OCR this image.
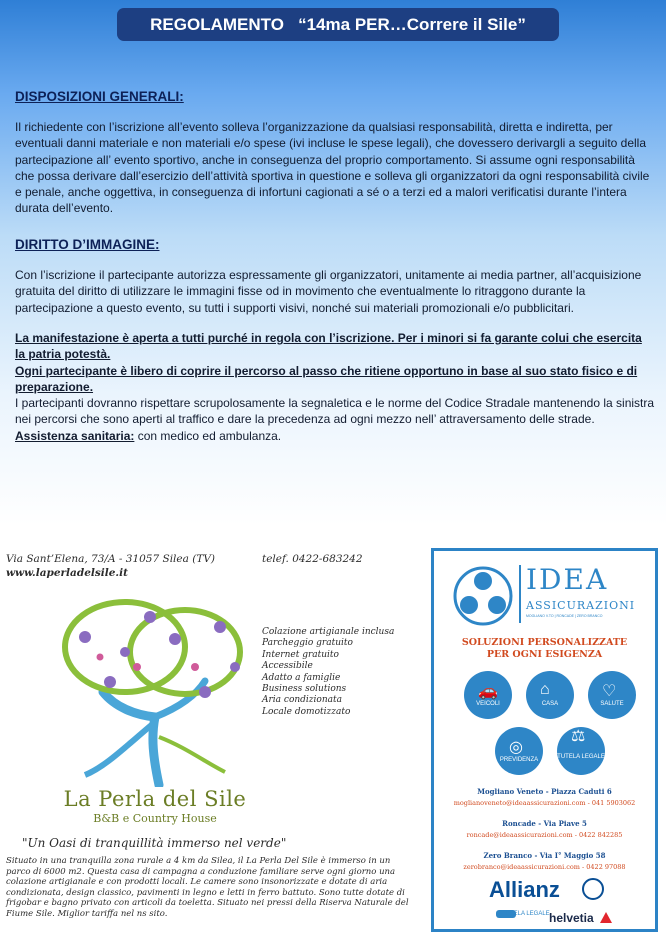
REGOLAMENTO   “14ma PER…Correre il Sile”
DISPOSIZIONI GENERALI:
Il richiedente con l’iscrizione all’evento solleva l’organizzazione da qualsiasi responsabilità, diretta e indiretta, per eventuali danni materiale e non materiali e/o spese (ivi incluse le spese legali), che dovessero derivargli a seguito della partecipazione all’ evento sportivo, anche in conseguenza del proprio comportamento. Si assume ogni responsabilità che possa derivare dall’esercizio dell’attività sportiva in questione e solleva gli organizzatori da ogni responsabilità civile e penale, anche oggettiva, in conseguenza di infortuni cagionati a sé o a terzi ed a malori verificatisi durante l’intera durata dell’evento.
DIRITTO D’IMMAGINE:
Con l’iscrizione il partecipante autorizza espressamente gli organizzatori, unitamente ai media partner, all’acquisizione gratuita del diritto di utilizzare le immagini fisse od in movimento che eventualmente lo ritraggono durante la partecipazione a questo evento, su tutti i supporti visivi, nonché sui materiali promozionali e/o pubblicitari.
La manifestazione è aperta a tutti purché in regola con l’iscrizione. Per i minori si fa garante colui che esercita la patria potestà.
Ogni partecipante è libero di coprire il percorso al passo che ritiene opportuno in base al suo stato fisico e di preparazione.
I partecipanti dovranno rispettare scrupolosamente la segnaletica e le norme del Codice Stradale mantenendo la sinistra nei percorsi che sono aperti al traffico e dare la precedenza ad ogni mezzo nell’ attraversamento delle strade.
Assistenza sanitaria: con medico ed ambulanza.
Via Sant’Elena, 73/A - 31057 Silea (TV)
www.laperladelsile.it
telef. 0422-683242
Colazione artigianale inclusa
Parcheggio gratuito
Internet gratuito
Accessibile
Adatto a famiglie
Business solutions
Aria condizionata
Locale domotizzato
La Perla del Sile
B&B e Country House
"Un Oasi di tranquillità immerso nel verde"
Situato in una tranquilla zona rurale a 4 km da Silea, il La Perla Del Sile è immerso in un parco di 6000 m2. Questa casa di campagna a conduzione familiare serve ogni giorno una colazione artigianale e con prodotti locali. Le camere sono insonorizzate e dotate di aria condizionata, design classico, pavimenti in legno e letti in ferro battuto. Sono tutte dotate di frigobar e bagno privato con articoli da toeletta. Situato nei pressi della Riserva Naturale del Fiume Sile. Miglior tariffa nel ns sito.
IDEA
ASSICURAZIONI
MOGLIANO V.TO | RONCADE | ZERO BRANCO
SOLUZIONI PERSONALIZZATE
PER OGNI ESIGENZA
🚗
VEICOLI
⌂
CASA
♡
SALUTE
◎
PREVIDENZA
⚖
TUTELA LEGALE
Mogliano Veneto - Piazza Caduti 6
moglianoveneto@ideaassicurazioni.com - 041 5903062
Roncade - Via Piave 5
roncade@ideaassicurazioni.com - 0422 842285
Zero Branco - Via I° Maggio 58
zerobranco@ideaassicurazioni.com - 0422 97088
Allianz
TUTELA LEGALE helvetia
